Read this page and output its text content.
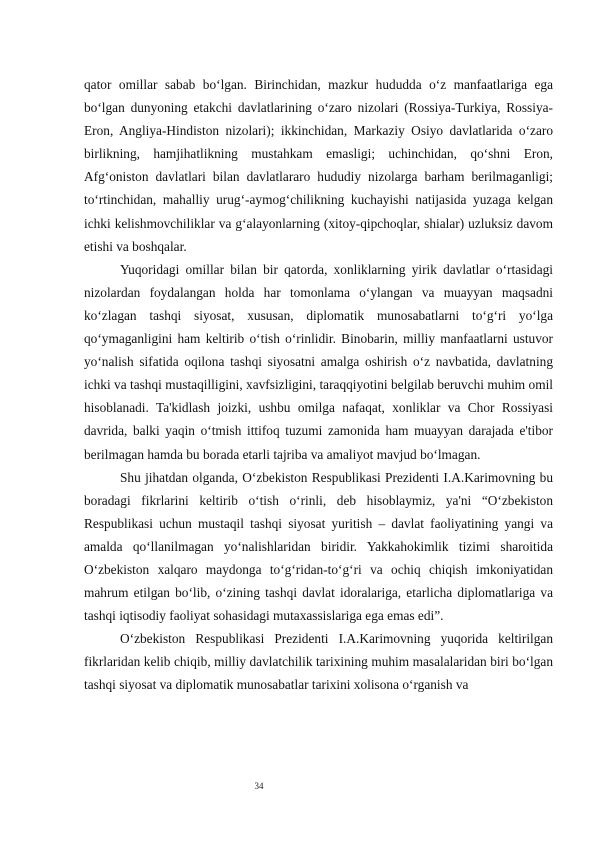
qator omillar sabab bo‘lgan. Birinchidan, mazkur hududda o‘z manfaatlariga ega bo‘lgan dunyoning etakchi davlatlarining o‘zaro nizolari (Rossiya-Turkiya, Rossiya-Eron, Angliya-Hindiston nizolari); ikkinchidan, Markaziy Osiyo davlatlarida o‘zaro birlikning, hamjihatlikning mustahkam emasligi; uchinchidan, qo‘shni Eron, Afg‘oniston davlatlari bilan davlatlararo hududiy nizolarga barham berilmaganligi; to‘rtinchidan, mahalliy urug‘-aymog‘chilikning kuchayishi natijasida yuzaga kelgan ichki kelishmovchiliklar va g‘alayonlarning (xitoy-qipchoqlar, shialar) uzluksiz davom etishi va boshqalar.

Yuqoridagi omillar bilan bir qatorda, xonliklarning yirik davlatlar o‘rtasidagi nizolardan foydalangan holda har tomonlama o‘ylangan va muayyan maqsadni ko‘zlagan tashqi siyosat, xususan, diplomatik munosabatlarni to‘g‘ri yo‘lga qo‘ymaganligini ham keltirib o‘tish o‘rinlidir. Binobarin, milliy manfaatlarni ustuvor yo‘nalish sifatida oqilona tashqi siyosatni amalga oshirish o‘z navbatida, davlatning ichki va tashqi mustaqilligini, xavfsizligini, taraqqiyotini belgilab beruvchi muhim omil hisoblanadi. Ta'kidlash joizki, ushbu omilga nafaqat, xonliklar va Chor Rossiyasi davrida, balki yaqin o‘tmish ittifoq tuzumi zamonida ham muayyan darajada e'tibor berilmagan hamda bu borada etarli tajriba va amaliyot mavjud bo‘lmagan.

Shu jihatdan olganda, O‘zbekiston Respublikasi Prezidenti I.A.Karimovning bu boradagi fikrlarini keltirib o‘tish o‘rinli, deb hisoblaymiz, ya'ni “O‘zbekiston Respublikasi uchun mustaqil tashqi siyosat yuritish – davlat faoliyatining yangi va amalda qo‘llanilmagan yo‘nalishlaridan biridir. Yakkahokimlik tizimi sharoitida O‘zbekiston xalqaro maydonga to‘g‘ridan-to‘g‘ri va ochiq chiqish imkoniyatidan mahrum etilgan bo‘lib, o‘zining tashqi davlat idoralariga, etarlicha diplomatlariga va tashqi iqtisodiy faoliyat sohasidagi mutaxassislariga ega emas edi”.

O‘zbekiston Respublikasi Prezidenti I.A.Karimovning yuqorida keltirilgan fikrlaridan kelib chiqib, milliy davlatchilik tarixining muhim masalalaridan biri bo‘lgan tashqi siyosat va diplomatik munosabatlar tarixini xolisona o‘rganish va

34
